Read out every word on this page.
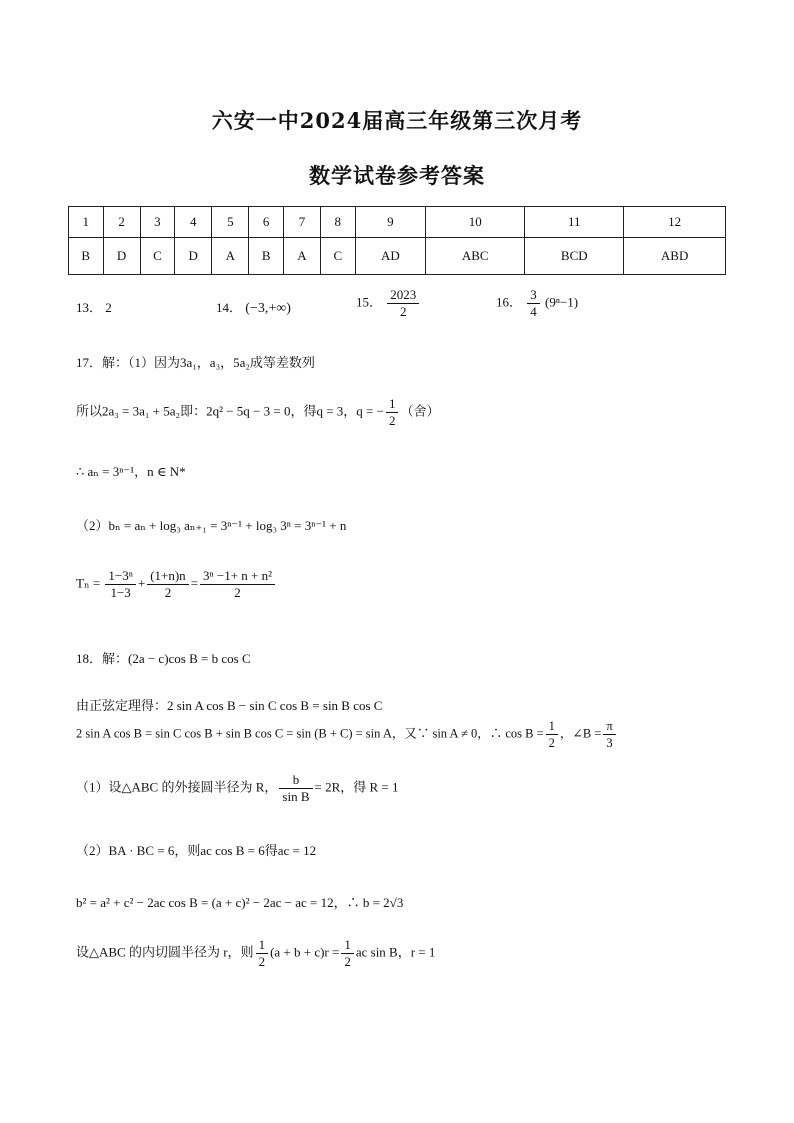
六安一中2024届高三年级第三次月考
数学试卷参考答案
1	2	3	4	5	6	7	8	9	10	11	12
B	D	C	D	A	B	A	C	AD	ABC	BCD	ABD
13． 2	14． (−3,+∞)	15． $\frac{2023}{2}$	16． $\frac{3}{4} (9^n-1)$
17．解：（1）因为3a₁，a₃，5a₂成等差数列
所以2a₃ = 3a₁ + 5a₂即：2q² − 5q − 3 = 0，得q = 3，q = − $\frac{1}{2}$ （舍）
∴ aₙ = 3ⁿ⁻¹，n ∈ N*
（2）bₙ = aₙ + log₃ aₙ₊₁ = 3ⁿ⁻¹ + log₃ 3ⁿ = 3ⁿ⁻¹ + n
$T_n = \frac{\text{1−3ⁿ}}{1-3} + \frac{(1+n)n}{2} = \frac{\text{3ⁿ −1+ n + n²}}{2}$
18．解：(2a − c)cos B = b cos C
由正弦定理得：2 sin A cos B − sin C cos B = sin B cos C
2 sin A cos B = sin C cos B + sin B cos C = sin (B + C) = sin A，又∵ sin A ≠ 0，∴ $\cos B = \frac{1}{2}$ ，∠B = $\frac{\pi}{3}$
（1）设△ABC 的外接圆半径为 R， $\frac{b}{\text{sin B}} = 2R$，得 R = 1
（2）BA · BC = 6，则ac cos B = 6得ac = 12
b² = a² + c² − 2ac cos B = (a + c)² − 2ac − ac = 12，∴ b = 2√3
设△ABC 的内切圆半径为 r，则 $\frac{1}{2} (a + b + c)r = \frac{1}{2}$ ac sin B，r = 1
